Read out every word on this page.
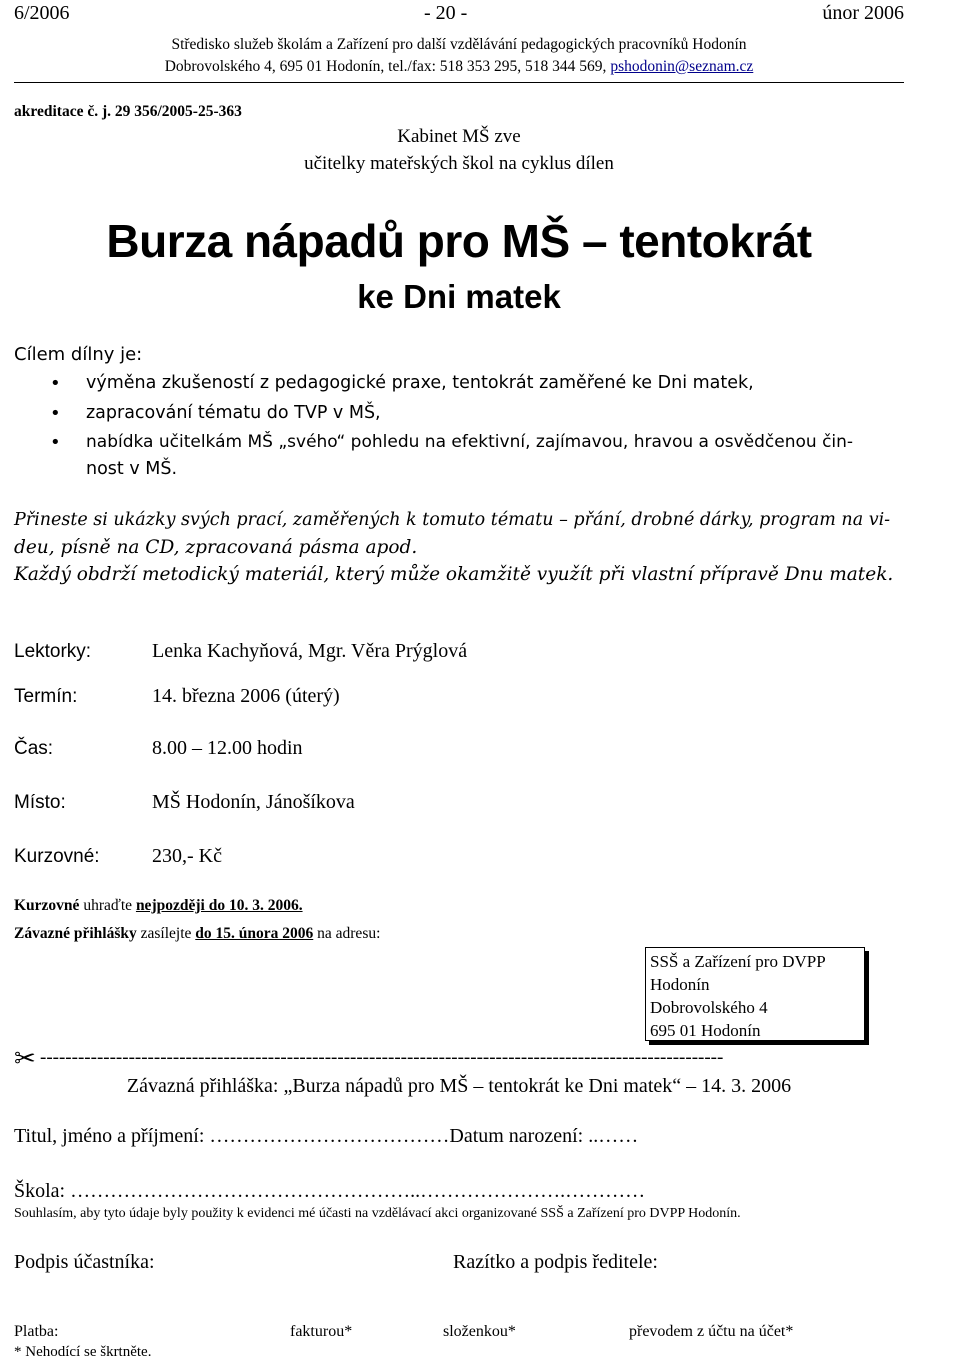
6/2006	- 20 -	únor 2006
Středisko služeb školám a Zařízení pro další vzdělávání pedagogických pracovníků Hodonín
Dobrovolského 4, 695 01 Hodonín, tel./fax: 518 353 295, 518 344 569, pshodonin@seznam.cz
akreditace č. j. 29 356/2005-25-363
Kabinet MŠ zve
učitelky mateřských škol na cyklus dílen
Burza nápadů pro MŠ – tentokrát
ke Dni matek
Cílem dílny je:
• výměna zkušeností z pedagogické praxe, tentokrát zaměřené ke Dni matek,
• zapracování tématu do TVP v MŠ,
• nabídka učitelkám MŠ „svého“ pohledu na efektivní, zajímavou, hravou a osvědčenou čin-
nost v MŠ.
Přineste si ukázky svých prací, zaměřených k tomuto tématu – přání, drobné dárky, program na vi-
deu, písně na CD, zpracovaná pásma apod.
Každý obdrží metodický materiál, který může okamžitě využít při vlastní přípravě Dnu matek.
Lektorky:	Lenka Kachyňová, Mgr. Věra Prýglová
Termín:	14. března 2006 (úterý)
Čas:	8.00 – 12.00 hodin
Místo:	MŠ Hodonín, Jánošíkova
Kurzovné:	230,- Kč
Kurzovné uhraďte nejpozději do 10. 3. 2006.
Závazné přihlášky zasílejte do 15. února 2006 na adresu:
SSŠ a Zařízení pro DVPP
Hodonín
Dobrovolského 4
695 01 Hodonín
✂ ------------------------------------------------------------------------------------------------------------
Závazná přihláška: „Burza nápadů pro MŠ – tentokrát ke Dni matek“ – 14. 3. 2006
Titul, jméno a příjmení: ………………………………Datum narození: ..……
Škola: ……………………………………………..………………….…………
Souhlasím, aby tyto údaje byly použity k evidenci mé účasti na vzdělávací akci organizované SSŠ a Zařízení pro DVPP Hodonín.
Podpis účastníka:	Razítko a podpis ředitele:
Platba:	fakturou*	složenkou*	převodem z účtu na účet*
* Nehodící se škrtněte.
